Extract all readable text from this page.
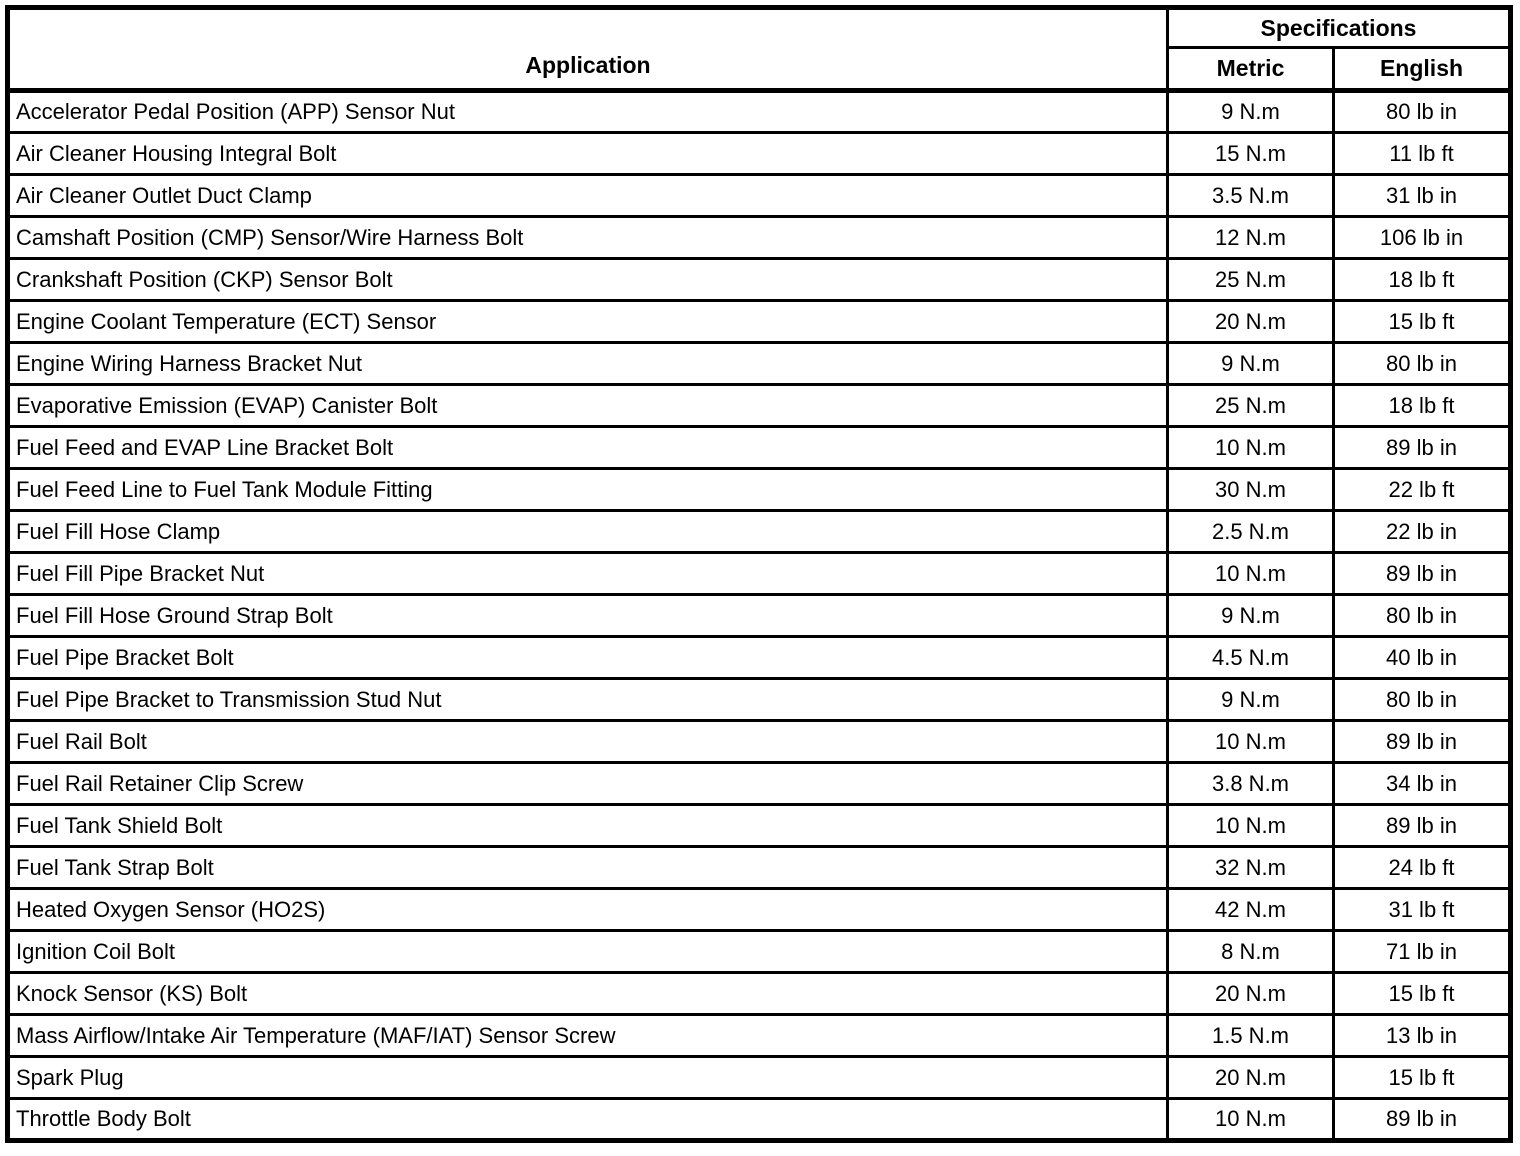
Application	Specifications	
	Metric	English
Accelerator Pedal Position (APP) Sensor Nut	9 N.m	80 lb in
Air Cleaner Housing Integral Bolt	15 N.m	11 lb ft
Air Cleaner Outlet Duct Clamp	3.5 N.m	31 lb in
Camshaft Position (CMP) Sensor/Wire Harness Bolt	12 N.m	106 lb in
Crankshaft Position (CKP) Sensor Bolt	25 N.m	18 lb ft
Engine Coolant Temperature (ECT) Sensor	20 N.m	15 lb ft
Engine Wiring Harness Bracket Nut	9 N.m	80 lb in
Evaporative Emission (EVAP) Canister Bolt	25 N.m	18 lb ft
Fuel Feed and EVAP Line Bracket Bolt	10 N.m	89 lb in
Fuel Feed Line to Fuel Tank Module Fitting	30 N.m	22 lb ft
Fuel Fill Hose Clamp	2.5 N.m	22 lb in
Fuel Fill Pipe Bracket Nut	10 N.m	89 lb in
Fuel Fill Hose Ground Strap Bolt	9 N.m	80 lb in
Fuel Pipe Bracket Bolt	4.5 N.m	40 lb in
Fuel Pipe Bracket to Transmission Stud Nut	9 N.m	80 lb in
Fuel Rail Bolt	10 N.m	89 lb in
Fuel Rail Retainer Clip Screw	3.8 N.m	34 lb in
Fuel Tank Shield Bolt	10 N.m	89 lb in
Fuel Tank Strap Bolt	32 N.m	24 lb ft
Heated Oxygen Sensor (HO2S)	42 N.m	31 lb ft
Ignition Coil Bolt	8 N.m	71 lb in
Knock Sensor (KS) Bolt	20 N.m	15 lb ft
Mass Airflow/Intake Air Temperature (MAF/IAT) Sensor Screw	1.5 N.m	13 lb in
Spark Plug	20 N.m	15 lb ft
Throttle Body Bolt	10 N.m	89 lb in
